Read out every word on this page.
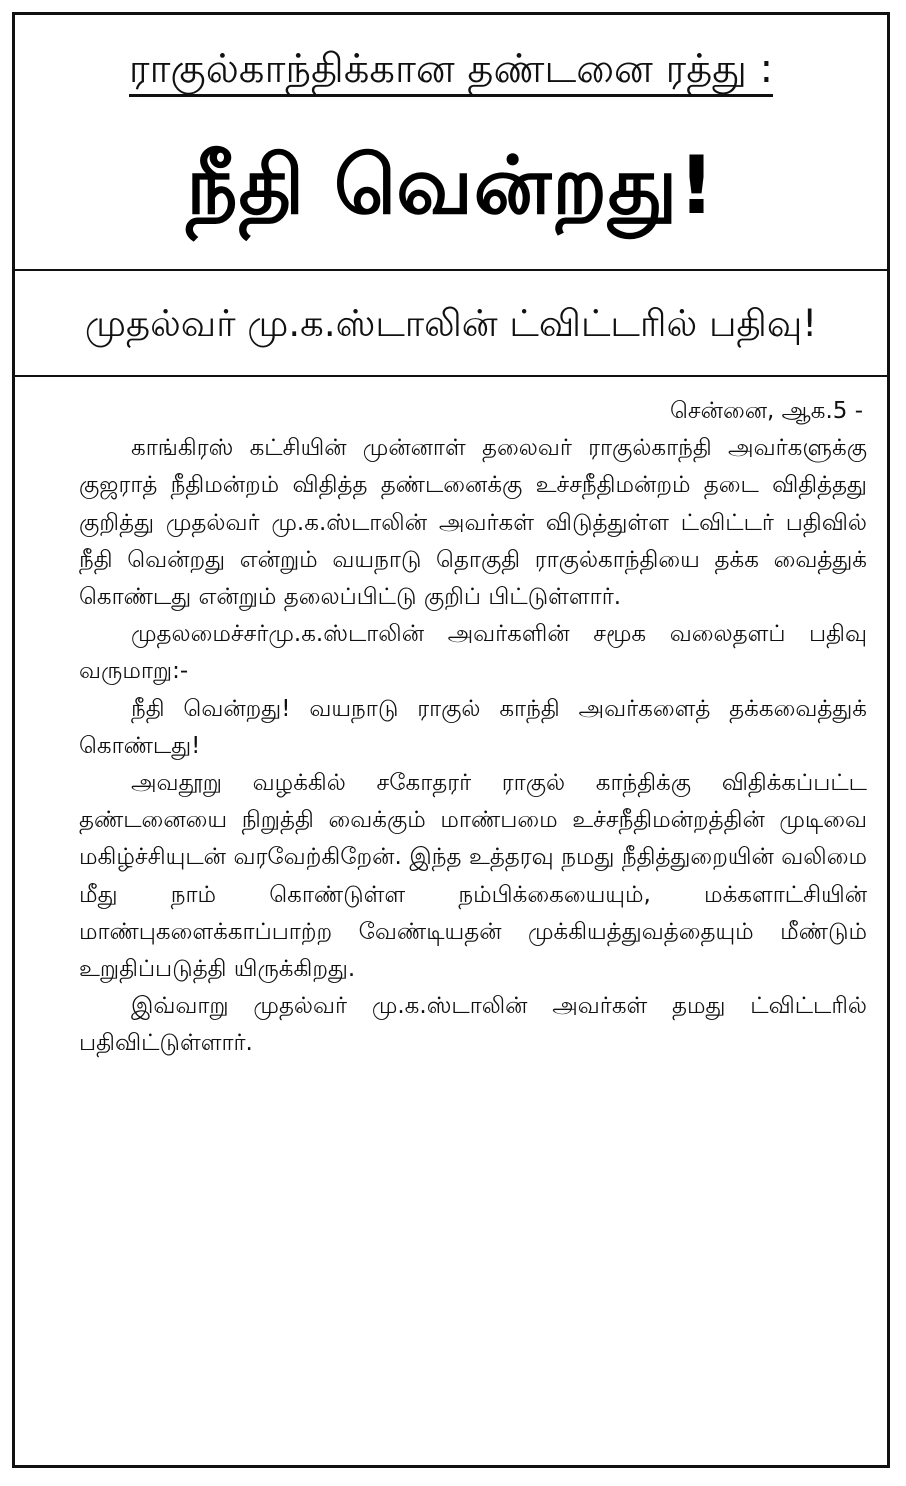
ராகுல்காந்திக்கான தண்டனை ரத்து :
நீதி வென்றது!
முதல்வர் மு.க.ஸ்டாலின் ட்விட்டரில் பதிவு!

சென்னை, ஆக.5 -

காங்கிரஸ் கட்சியின் முன்னாள் தலைவர் ராகுல்காந்தி அவர்களுக்கு குஜராத் நீதிமன்றம் விதித்த தண்டனைக்கு உச்சநீதிமன்றம் தடை விதித்தது குறித்து முதல்வர் மு.க.ஸ்டாலின் அவர்கள் விடுத்துள்ள ட்விட்டர் பதிவில் நீதி வென்றது என்றும் வயநாடு தொகுதி ராகுல்காந்தியை தக்க வைத்துக் கொண்டது என்றும் தலைப்பிட்டு குறிப் பிட்டுள்ளார்.

முதலமைச்சர்மு.க.ஸ்டாலின் அவர்களின் சமூக வலைதளப் பதிவு வருமாறு:-

நீதி வென்றது! வயநாடு ராகுல் காந்தி அவர்களைத் தக்கவைத்துக் கொண்டது!

அவதூறு வழக்கில் சகோதரர் ராகுல் காந்திக்கு விதிக்கப்பட்ட தண்டனையை நிறுத்தி வைக்கும் மாண்பமை உச்சநீதிமன்றத்தின் முடிவை மகிழ்ச்சியுடன் வரவேற்கிறேன். இந்த உத்தரவு நமது நீதித்துறையின் வலிமை மீது நாம் கொண்டுள்ள நம்பிக்கையையும், மக்களாட்சியின் மாண்புகளைக்காப்பாற்ற வேண்டியதன் முக்கியத்துவத்தையும் மீண்டும் உறுதிப்படுத்தி யிருக்கிறது.

இவ்வாறு முதல்வர் மு.க.ஸ்டாலின் அவர்கள் தமது ட்விட்டரில் பதிவிட்டுள்ளார்.
